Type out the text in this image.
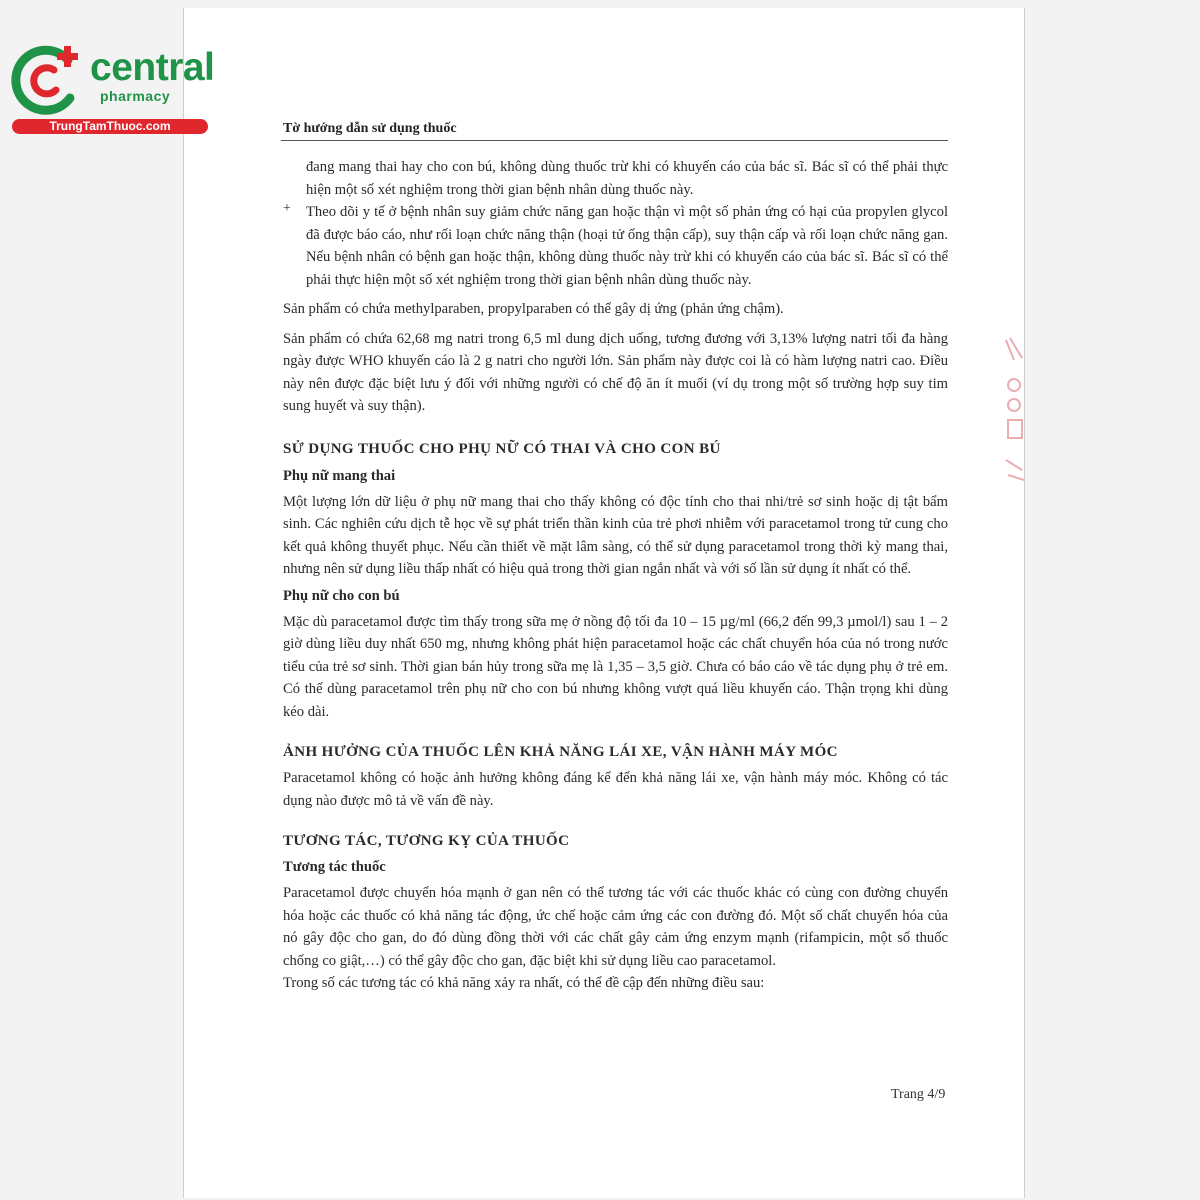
central
pharmacy
TrungTamThuoc.com	Tờ hướng dẫn sử dụng thuốc

đang mang thai hay cho con bú, không dùng thuốc trừ khi có khuyến cáo của bác sĩ. Bác sĩ có thể phải thực hiện một số xét nghiệm trong thời gian bệnh nhân dùng thuốc này.

+ Theo dõi y tế ở bệnh nhân suy giảm chức năng gan hoặc thận vì một số phản ứng có hại của propylen glycol đã được báo cáo, như rối loạn chức năng thận (hoại tử ống thận cấp), suy thận cấp và rối loạn chức năng gan. Nếu bệnh nhân có bệnh gan hoặc thận, không dùng thuốc này trừ khi có khuyến cáo của bác sĩ. Bác sĩ có thể phải thực hiện một số xét nghiệm trong thời gian bệnh nhân dùng thuốc này.

Sản phẩm có chứa methylparaben, propylparaben có thể gây dị ứng (phản ứng chậm).

Sản phẩm có chứa 62,68 mg natri trong 6,5 ml dung dịch uống, tương đương với 3,13% lượng natri tối đa hàng ngày được WHO khuyến cáo là 2 g natri cho người lớn. Sản phẩm này được coi là có hàm lượng natri cao. Điều này nên được đặc biệt lưu ý đối với những người có chế độ ăn ít muối (ví dụ trong một số trường hợp suy tim sung huyết và suy thận).

SỬ DỤNG THUỐC CHO PHỤ NỮ CÓ THAI VÀ CHO CON BÚ

Phụ nữ mang thai

Một lượng lớn dữ liệu ở phụ nữ mang thai cho thấy không có độc tính cho thai nhi/trẻ sơ sinh hoặc dị tật bẩm sinh. Các nghiên cứu dịch tễ học về sự phát triển thần kinh của trẻ phơi nhiễm với paracetamol trong tử cung cho kết quả không thuyết phục. Nếu cần thiết về mặt lâm sàng, có thể sử dụng paracetamol trong thời kỳ mang thai, nhưng nên sử dụng liều thấp nhất có hiệu quả trong thời gian ngắn nhất và với số lần sử dụng ít nhất có thể.

Phụ nữ cho con bú

Mặc dù paracetamol được tìm thấy trong sữa mẹ ở nồng độ tối đa 10 – 15 µg/ml (66,2 đến 99,3 µmol/l) sau 1 – 2 giờ dùng liều duy nhất 650 mg, nhưng không phát hiện paracetamol hoặc các chất chuyển hóa của nó trong nước tiểu của trẻ sơ sinh. Thời gian bán hủy trong sữa mẹ là 1,35 – 3,5 giờ. Chưa có báo cáo về tác dụng phụ ở trẻ em. Có thể dùng paracetamol trên phụ nữ cho con bú nhưng không vượt quá liều khuyến cáo. Thận trọng khi dùng kéo dài.

ẢNH HƯỞNG CỦA THUỐC LÊN KHẢ NĂNG LÁI XE, VẬN HÀNH MÁY MÓC

Paracetamol không có hoặc ảnh hưởng không đáng kể đến khả năng lái xe, vận hành máy móc. Không có tác dụng nào được mô tả về vấn đề này.

TƯƠNG TÁC, TƯƠNG KỴ CỦA THUỐC

Tương tác thuốc

Paracetamol được chuyển hóa mạnh ở gan nên có thể tương tác với các thuốc khác có cùng con đường chuyển hóa hoặc các thuốc có khả năng tác động, ức chế hoặc cảm ứng các con đường đó. Một số chất chuyển hóa của nó gây độc cho gan, do đó dùng đồng thời với các chất gây cảm ứng enzym mạnh (rifampicin, một số thuốc chống co giật,…) có thể gây độc cho gan, đặc biệt khi sử dụng liều cao paracetamol.

Trong số các tương tác có khả năng xảy ra nhất, có thể đề cập đến những điều sau:

Trang 4/9
